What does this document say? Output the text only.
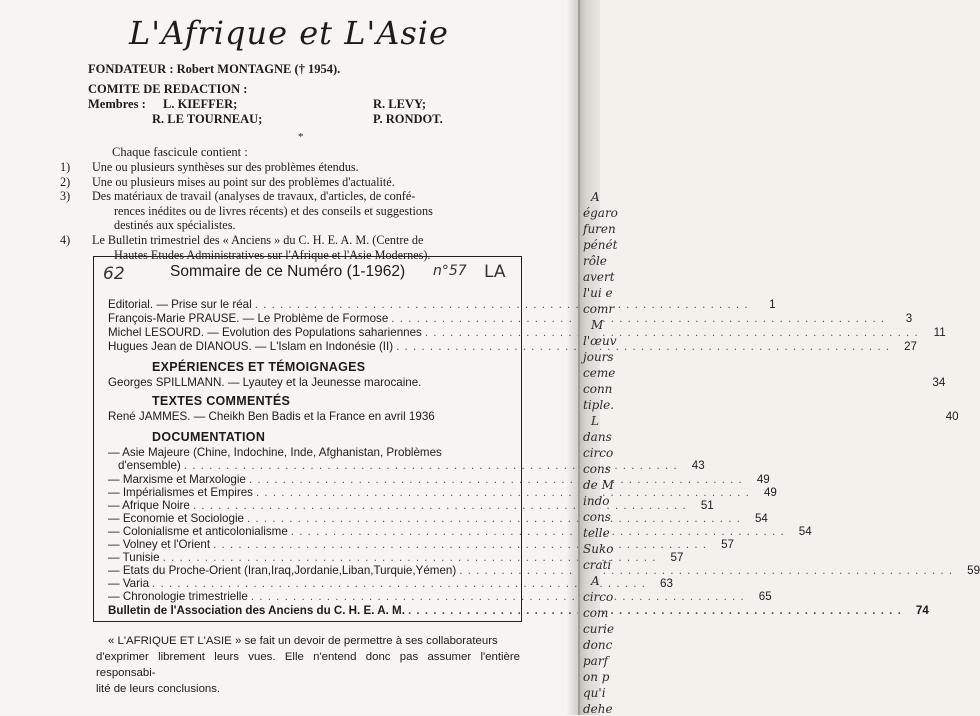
L'Afrique et L'Asie
FONDATEUR : Robert MONTAGNE († 1954).
COMITE DE REDACTION :
Membres : L. KIEFFER;
R. LE TOURNEAU;
R. LEVY;
P. RONDOT.
*
Chaque fascicule contient :
1) Une ou plusieurs synthèses sur des problèmes étendus.
2) Une ou plusieurs mises au point sur des problèmes d'actualité.
3) Des matériaux de travail (analyses de travaux, d'articles, de confé-
rences inédites ou de livres récents) et des conseils et suggestions
destinés aux spécialistes.
4) Le Bulletin trimestriel des « Anciens » du C. H. E. A. M. (Centre de
Hautes Etudes Administratives sur l'Afrique et l'Asie Modernes).
62	n°57 LA
Sommaire de ce Numéro (1-1962)
Editorial. — Prise sur le réal . . .	1
François-Marie PRAUSE. — Le Problème de Formose . . .	3
Michel LESOURD. — Evolution des Populations sahariennes . . .	11
Hugues Jean de DIANOUS. — L'Islam en Indonésie (II) . . .	27
EXPÉRIENCES ET TÉMOIGNAGES
Georges SPILLMANN. — Lyautey et la Jeunesse marocaine.	34
TEXTES COMMENTÉS
René JAMMES. — Cheikh Ben Badis et la France en avril 1936	40
DOCUMENTATION
— Asie Majeure (Chine, Indochine, Inde, Afghanistan, Problèmes
d'ensemble) . . .	43
— Marxisme et Marxologie . . .	49
— Impérialismes et Empires . . .	49
— Afrique Noire . . .	51
— Economie et Sociologie . . .	54
— Colonialisme et anticolonialisme . . .	54
— Volney et l'Orient . . .	57
— Tunisie . . .	57
— Etats du Proche-Orient (Iran,Iraq,Jordanie,Liban,Turquie,Yémen) . . .	59
— Varia . . .	63
— Chronologie trimestrielle . . .	65
Bulletin de l'Association des Anciens du C. H. E. A. M. . . .	74
« L'AFRIQUE ET L'ASIE » se fait un devoir de permettre à ses collaborateurs
d'exprimer librement leurs vues. Elle n'entend donc pas assumer l'entière responsabi-
lité de leurs conclusions.
A
égaro
furen
pénét
rôle
avert
l'ui e
comr
M
l'œuv
jours
ceme
conn
tiple.
L
dans
circo
cons
de M
indo
cons
telle
Suko
crati
A
circo
com
curie
donc
parf
on p
qu'i
dehe
